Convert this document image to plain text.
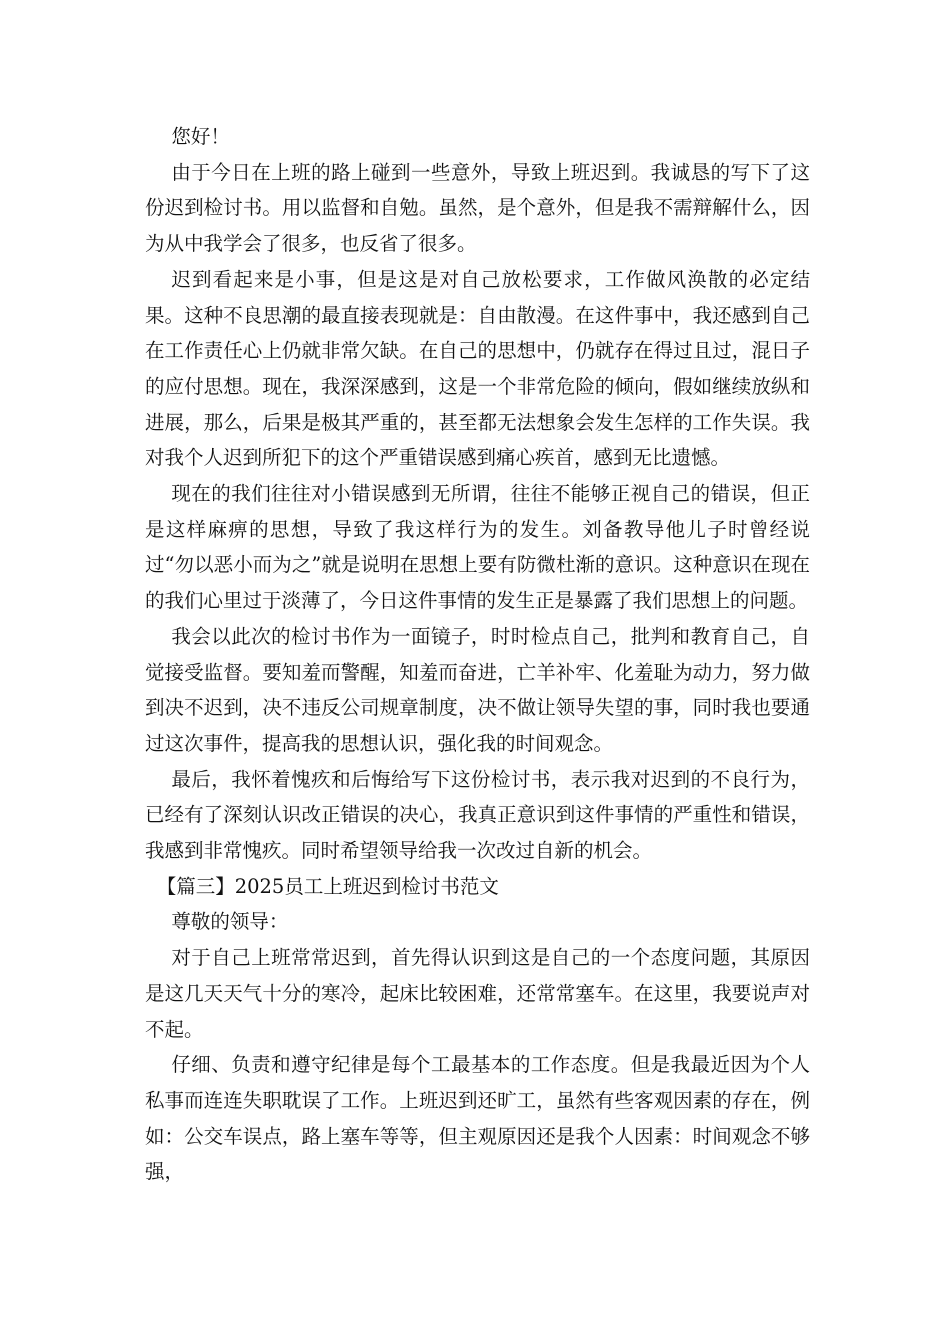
您好！

由于今日在上班的路上碰到一些意外，导致上班迟到。我诚恳的写下了这份迟到检讨书。用以监督和自勉。虽然，是个意外，但是我不需辩解什么，因为从中我学会了很多，也反省了很多。

迟到看起来是小事，但是这是对自己放松要求，工作做风涣散的必定结果。这种不良思潮的最直接表现就是：自由散漫。在这件事中，我还感到自己在工作责任心上仍就非常欠缺。在自己的思想中，仍就存在得过且过，混日子的应付思想。现在，我深深感到，这是一个非常危险的倾向，假如继续放纵和进展，那么，后果是极其严重的，甚至都无法想象会发生怎样的工作失误。我对我个人迟到所犯下的这个严重错误感到痛心疾首，感到无比遗憾。

现在的我们往往对小错误感到无所谓，往往不能够正视自己的错误，但正是这样麻痹的思想，导致了我这样行为的发生。刘备教导他儿子时曾经说过“勿以恶小而为之”就是说明在思想上要有防微杜渐的意识。这种意识在现在的我们心里过于淡薄了，今日这件事情的发生正是暴露了我们思想上的问题。

我会以此次的检讨书作为一面镜子，时时检点自己，批判和教育自己，自觉接受监督。要知羞而警醒，知羞而奋进，亡羊补牢、化羞耻为动力，努力做到决不迟到，决不违反公司规章制度，决不做让领导失望的事，同时我也要通过这次事件，提高我的思想认识，强化我的时间观念。

最后，我怀着愧疚和后悔给写下这份检讨书，表示我对迟到的不良行为，已经有了深刻认识改正错误的决心，我真正意识到这件事情的严重性和错误，我感到非常愧疚。同时希望领导给我一次改过自新的机会。

【篇三】2025员工上班迟到检讨书范文

尊敬的领导：

对于自己上班常常迟到，首先得认识到这是自己的一个态度问题，其原因是这几天天气十分的寒冷，起床比较困难，还常常塞车。在这里，我要说声对不起。

仔细、负责和遵守纪律是每个工最基本的工作态度。但是我最近因为个人私事而连连失职耽误了工作。上班迟到还旷工，虽然有些客观因素的存在，例如：公交车误点，路上塞车等等，但主观原因还是我个人因素：时间观念不够强，
